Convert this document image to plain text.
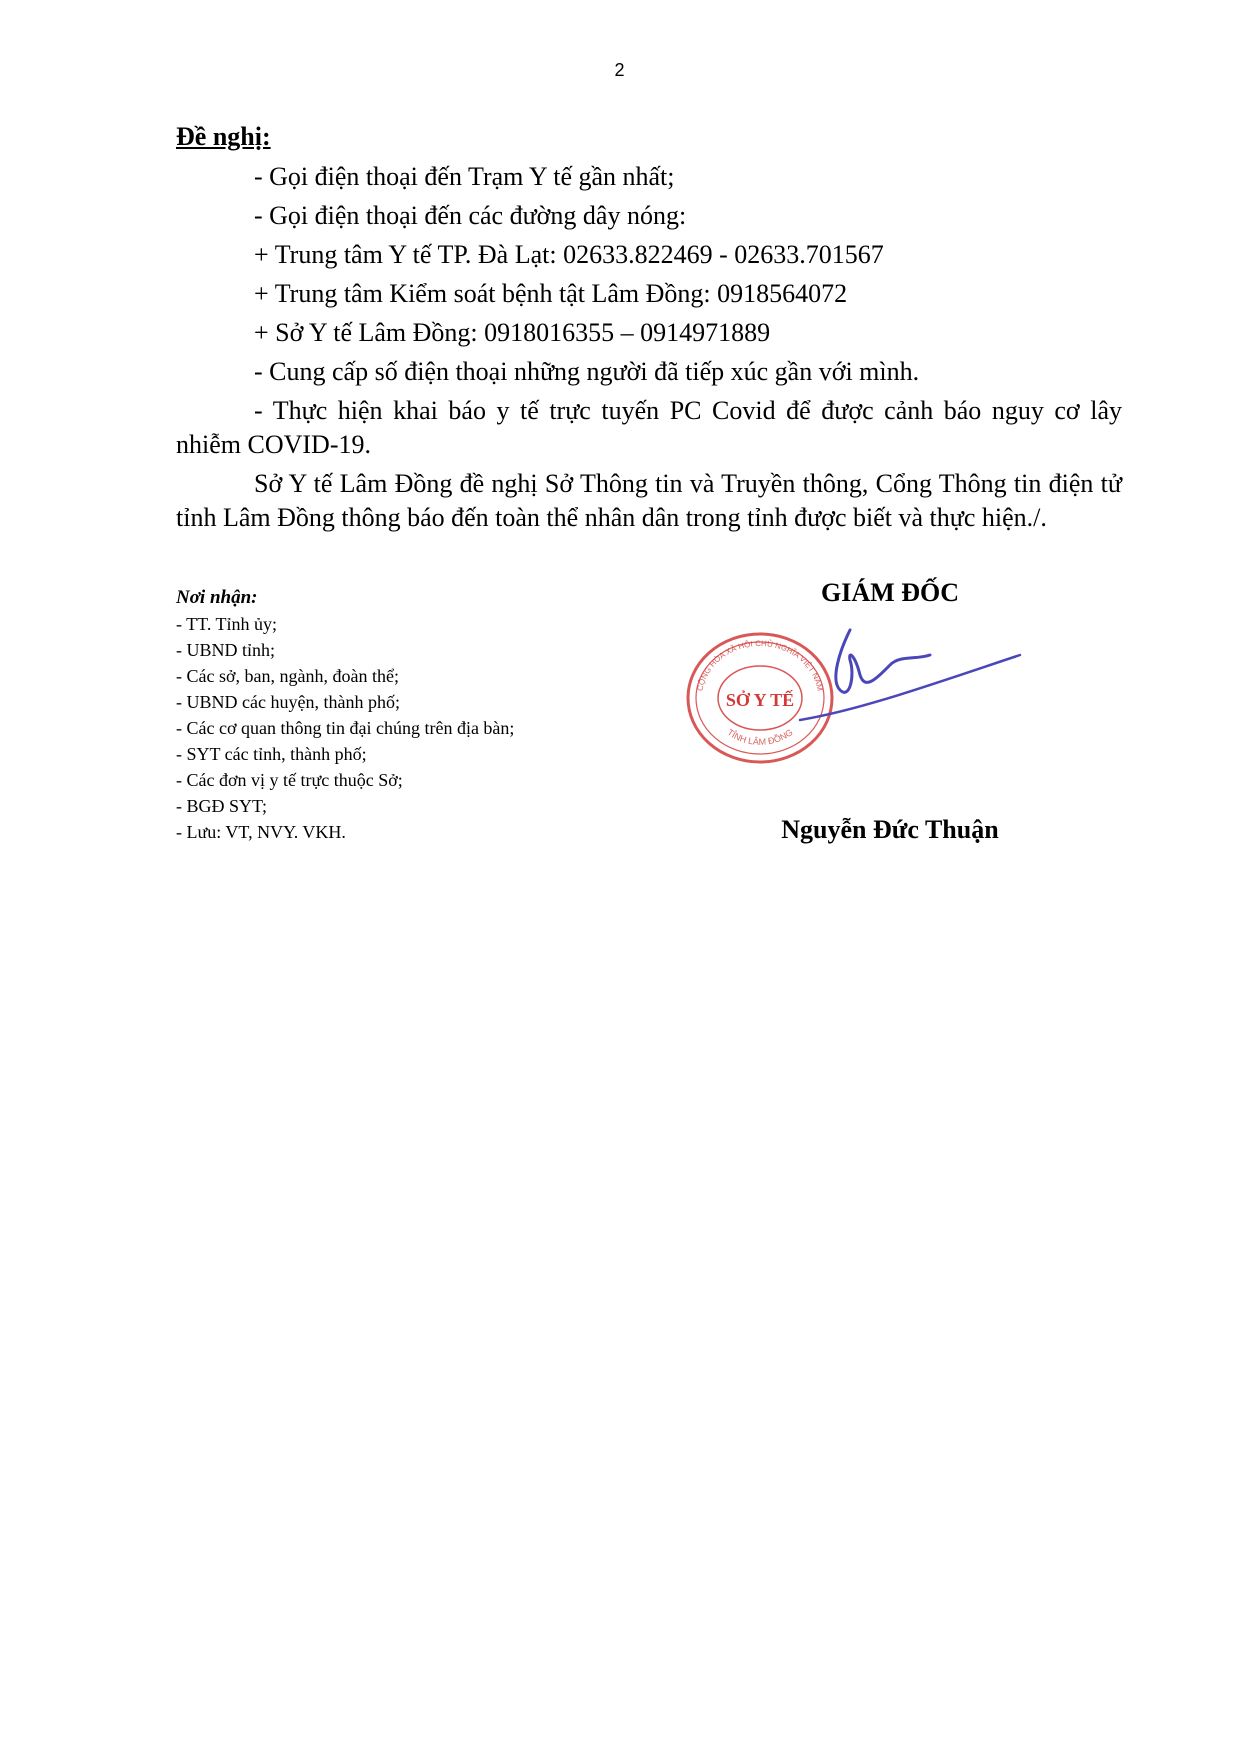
2
Đề nghị:
- Gọi điện thoại đến Trạm Y tế gần nhất;
- Gọi điện thoại đến các đường dây nóng:
+ Trung tâm Y tế TP. Đà Lạt: 02633.822469 - 02633.701567
+ Trung tâm Kiểm soát bệnh tật Lâm Đồng: 0918564072
+ Sở Y tế Lâm Đồng: 0918016355 – 0914971889
- Cung cấp số điện thoại những người đã tiếp xúc gần với mình.
- Thực hiện khai báo y tế trực tuyến PC Covid để được cảnh báo nguy cơ lây nhiễm COVID-19.
Sở Y tế Lâm Đồng đề nghị Sở Thông tin và Truyền thông, Cổng Thông tin điện tử tỉnh Lâm Đồng thông báo đến toàn thể nhân dân trong tỉnh được biết và thực hiện./.
Nơi nhận:
- TT. Tỉnh ủy;
- UBND tỉnh;
- Các sở, ban, ngành, đoàn thể;
- UBND các huyện, thành phố;
- Các cơ quan thông tin đại chúng trên địa bàn;
- SYT các tỉnh, thành phố;
- Các đơn vị y tế trực thuộc Sở;
- BGĐ SYT;
- Lưu: VT, NVY. VKH.
GIÁM ĐỐC
CỘNG HÒA XÃ HỘI CHỦ NGHĨA VIỆT NAM
TỈNH LÂM ĐỒNG
SỞ Y TẾ
Nguyễn Đức Thuận
